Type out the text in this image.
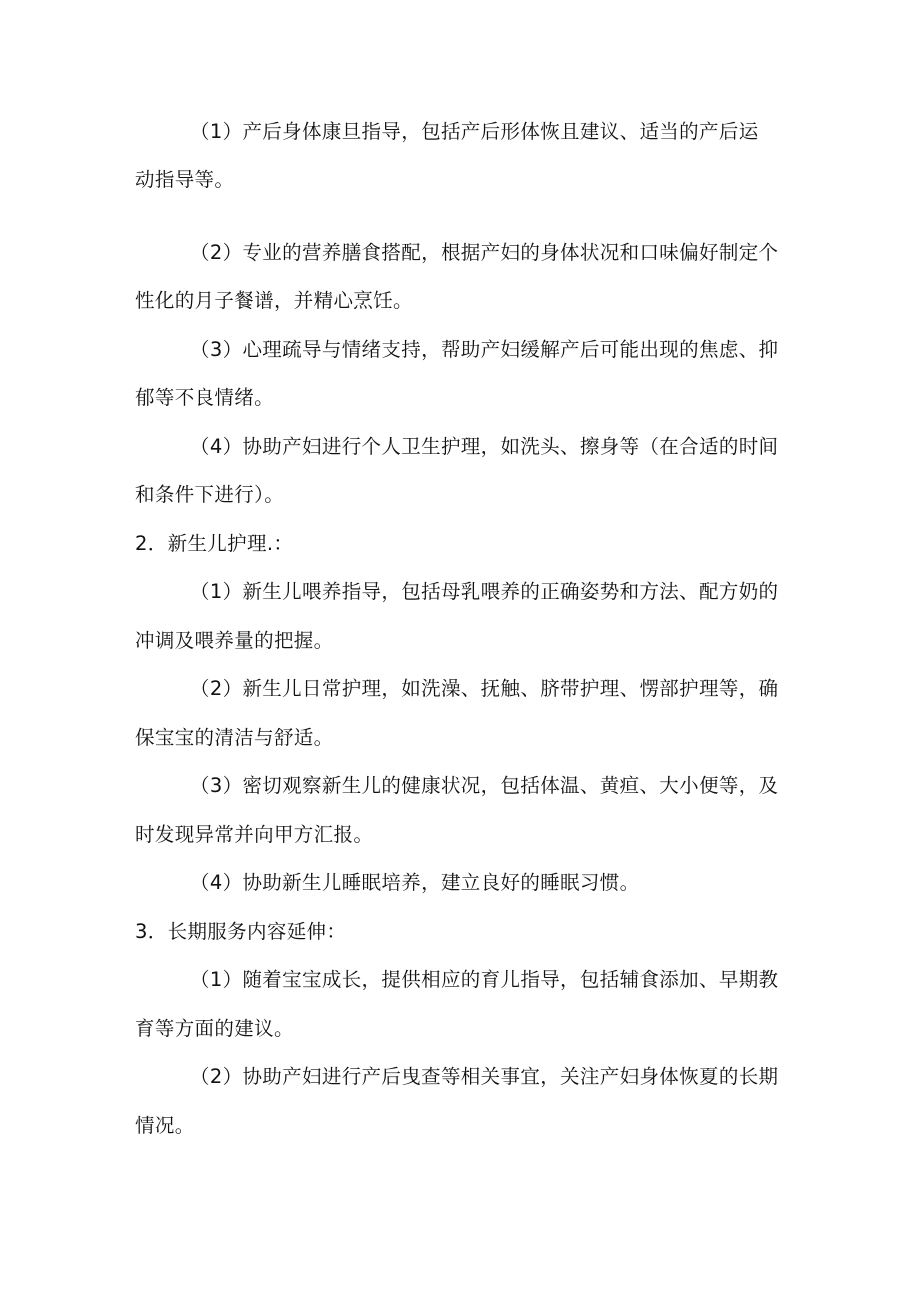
（1）产后身体康旦指导，包括产后形体恢且建议、适当的产后运
动指导等。
（2）专业的营养膳食搭配，根据产妇的身体状况和口味偏好制定个
性化的月子餐谱，并精心烹饪。
（3）心理疏导与情绪支持，帮助产妇缓解产后可能出现的焦虑、抑
郁等不良情绪。
（4）协助产妇进行个人卫生护理，如洗头、擦身等（在合适的时间
和条件下进行）。
2．新生儿护理.：
（1）新生儿喂养指导，包括母乳喂养的正确姿势和方法、配方奶的
冲调及喂养量的把握。
（2）新生儿日常护理，如洗澡、抚触、脐带护理、愣部护理等，确
保宝宝的清洁与舒适。
（3）密切观察新生儿的健康状况，包括体温、黄疸、大小便等，及
时发现异常并向甲方汇报。
（4）协助新生儿睡眠培养，建立良好的睡眠习惯。
3．长期服务内容延伸：
（1）随着宝宝成长，提供相应的育儿指导，包括辅食添加、早期教
育等方面的建议。
（2）协助产妇进行产后曳查等相关事宜，关注产妇身体恢夏的长期
情况。
